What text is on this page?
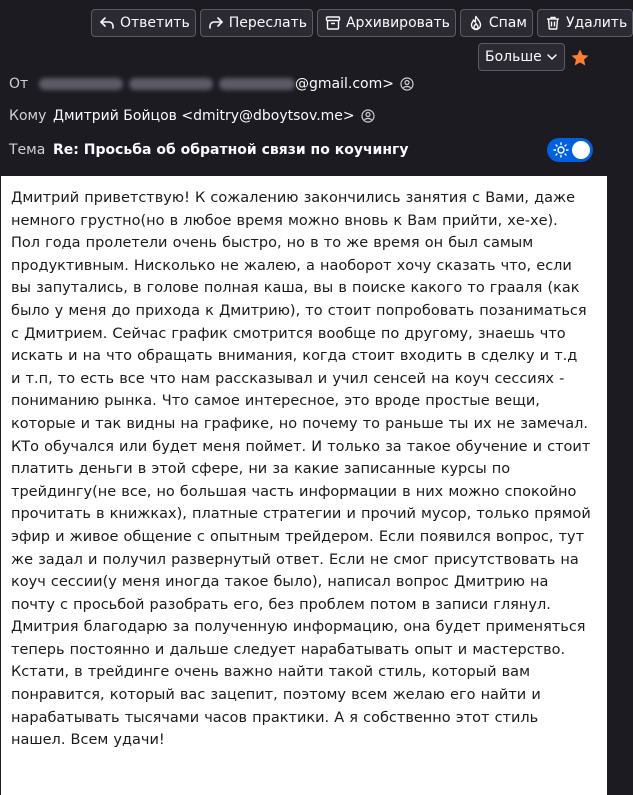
Ответить	Переслать	Архивировать	Спам	Удалить
Больше
От	@gmail.com>
Кому Дмитрий Бойцов <dmitry@dboytsov.me>
Тема Re: Просьба об обратной связи по коучингу

Дмитрий приветствую! К сожалению закончились занятия с Вами, даже немного грустно(но в любое время можно вновь к Вам прийти, хе-хе). Пол года пролетели очень быстро, но в то же время он был самым продуктивным. Нисколько не жалею, а наоборот хочу сказать что, если вы запутались, в голове полная каша, вы в поиске какого то грааля (как было у меня до прихода к Дмитрию), то стоит попробовать позаниматься с Дмитрием. Сейчас график смотрится вообще по другому, знаешь что искать и на что обращать внимания, когда стоит входить в сделку и т.д и т.п, то есть все что нам рассказывал и учил сенсей на коуч сессиях - пониманию рынка. Что самое интересное, это вроде простые вещи, которые и так видны на графике, но почему то раньше ты их не замечал. КТо обучался или будет меня поймет. И только за такое обучение и стоит платить деньги в этой сфере, ни за какие записанные курсы по трейдингу(не все, но большая часть информации в них можно спокойно прочитать в книжках), платные стратегии и прочий мусор, только прямой эфир и живое общение с опытным трейдером. Если появился вопрос, тут же задал и получил развернутый ответ. Если не смог присутствовать на коуч сессии(у меня иногда такое было), написал вопрос Дмитрию на почту с просьбой разобрать его, без проблем потом в записи глянул. Дмитрия благодарю за полученную информацию, она будет применяться теперь постоянно и дальше следует нарабатывать опыт и мастерство. Кстати, в трейдинге очень важно найти такой стиль, который вам понравится, который вас зацепит, поэтому всем желаю его найти и нарабатывать тысячами часов практики. А я собственно этот стиль нашел. Всем удачи!
